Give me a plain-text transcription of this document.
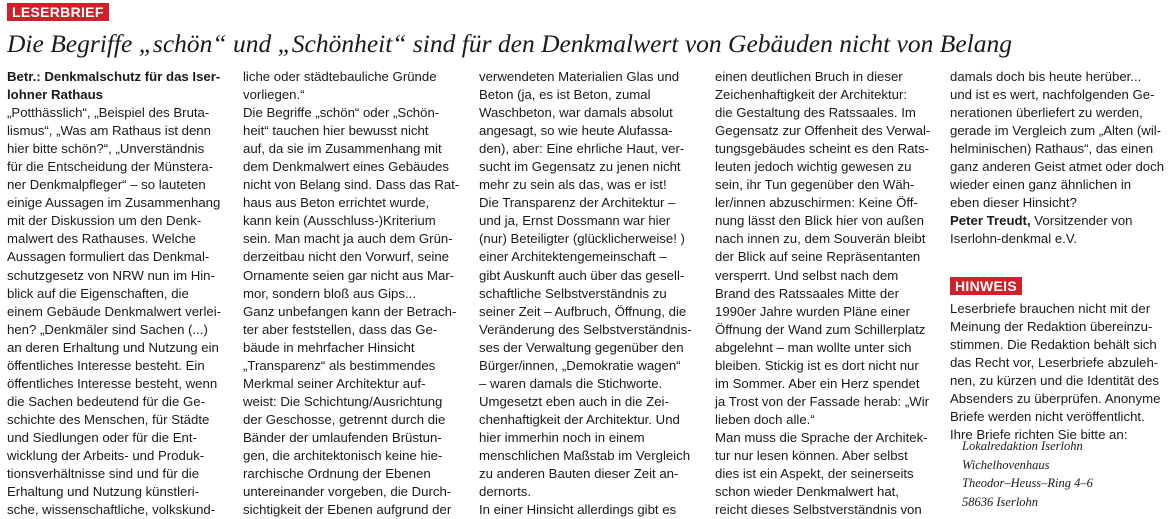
LESERBRIEF
Die Begriffe „schön“ und „Schönheit“ sind für den Denkmalwert von Gebäuden nicht von Belang
Betr.: Denkmalschutz für das Iser-
lohner Rathaus
„Potthässlich“, „Beispiel des Bruta-
lismus“, „Was am Rathaus ist denn
hier bitte schön?“, „Unverständnis
für die Entscheidung der Münstera-
ner Denkmalpfleger“ – so lauteten
einige Aussagen im Zusammenhang
mit der Diskussion um den Denk-
malwert des Rathauses. Welche
Aussagen formuliert das Denkmal-
schutzgesetz von NRW nun im Hin-
blick auf die Eigenschaften, die
einem Gebäude Denkmalwert verlei-
hen? „Denkmäler sind Sachen (...)
an deren Erhaltung und Nutzung ein
öffentliches Interesse besteht. Ein
öffentliches Interesse besteht, wenn
die Sachen bedeutend für die Ge-
schichte des Menschen, für Städte
und Siedlungen oder für die Ent-
wicklung der Arbeits- und Produk-
tionsverhältnisse sind und für die
Erhaltung und Nutzung künstleri-
sche, wissenschaftliche, volkskund-
liche oder städtebauliche Gründe
vorliegen.“
Die Begriffe „schön“ oder „Schön-
heit“ tauchen hier bewusst nicht
auf, da sie im Zusammenhang mit
dem Denkmalwert eines Gebäudes
nicht von Belang sind. Dass das Rat-
haus aus Beton errichtet wurde,
kann kein (Ausschluss-)Kriterium
sein. Man macht ja auch dem Grün-
derzeitbau nicht den Vorwurf, seine
Ornamente seien gar nicht aus Mar-
mor, sondern bloß aus Gips...
Ganz unbefangen kann der Betrach-
ter aber feststellen, dass das Ge-
bäude in mehrfacher Hinsicht
„Transparenz“ als bestimmendes
Merkmal seiner Architektur auf-
weist: Die Schichtung/Ausrichtung
der Geschosse, getrennt durch die
Bänder der umlaufenden Brüstun-
gen, die architektonisch keine hie-
rarchische Ordnung der Ebenen
untereinander vorgeben, die Durch-
sichtigkeit der Ebenen aufgrund der
verwendeten Materialien Glas und
Beton (ja, es ist Beton, zumal
Waschbeton, war damals absolut
angesagt, so wie heute Alufassa-
den), aber: Eine ehrliche Haut, ver-
sucht im Gegensatz zu jenen nicht
mehr zu sein als das, was er ist!
Die Transparenz der Architektur –
und ja, Ernst Dossmann war hier
(nur) Beteiligter (glücklicherweise! )
einer Architektengemeinschaft –
gibt Auskunft auch über das gesell-
schaftliche Selbstverständnis zu
seiner Zeit – Aufbruch, Öffnung, die
Veränderung des Selbstverständnis-
ses der Verwaltung gegenüber den
Bürger/innen, „Demokratie wagen“
– waren damals die Stichworte.
Umgesetzt eben auch in die Zei-
chenhaftigkeit der Architektur. Und
hier immerhin noch in einem
menschlichen Maßstab im Vergleich
zu anderen Bauten dieser Zeit an-
dernorts.
In einer Hinsicht allerdings gibt es
einen deutlichen Bruch in dieser
Zeichenhaftigkeit der Architektur:
die Gestaltung des Ratssaales. Im
Gegensatz zur Offenheit des Verwal-
tungsgebäudes scheint es den Rats-
leuten jedoch wichtig gewesen zu
sein, ihr Tun gegenüber den Wäh-
ler/innen abzuschirmen: Keine Öff-
nung lässt den Blick hier von außen
nach innen zu, dem Souverän bleibt
der Blick auf seine Repräsentanten
versperrt. Und selbst nach dem
Brand des Ratssaales Mitte der
1990er Jahre wurden Pläne einer
Öffnung der Wand zum Schillerplatz
abgelehnt – man wollte unter sich
bleiben. Stickig ist es dort nicht nur
im Sommer. Aber ein Herz spendet
ja Trost von der Fassade herab: „Wir
lieben doch alle.“
Man muss die Sprache der Architek-
tur nur lesen können. Aber selbst
dies ist ein Aspekt, der seinerseits
schon wieder Denkmalwert hat,
reicht dieses Selbstverständnis von
damals doch bis heute herüber...
und ist es wert, nachfolgenden Ge-
nerationen überliefert zu werden,
gerade im Vergleich zum „Alten (wil-
helminischen) Rathaus“, das einen
ganz anderen Geist atmet oder doch
wieder einen ganz ähnlichen in
eben dieser Hinsicht?
Peter Treudt, Vorsitzender von
Iserlohn-denkmal e.V.
HINWEIS
Leserbriefe brauchen nicht mit der
Meinung der Redaktion übereinzu-
stimmen. Die Redaktion behält sich
das Recht vor, Leserbriefe abzuleh-
nen, zu kürzen und die Identität des
Absenders zu überprüfen. Anonyme
Briefe werden nicht veröffentlicht.
Ihre Briefe richten Sie bitte an:
Lokalredaktion Iserlohn
Wichelhovenhaus
Theodor–Heuss–Ring 4–6
58636 Iserlohn
